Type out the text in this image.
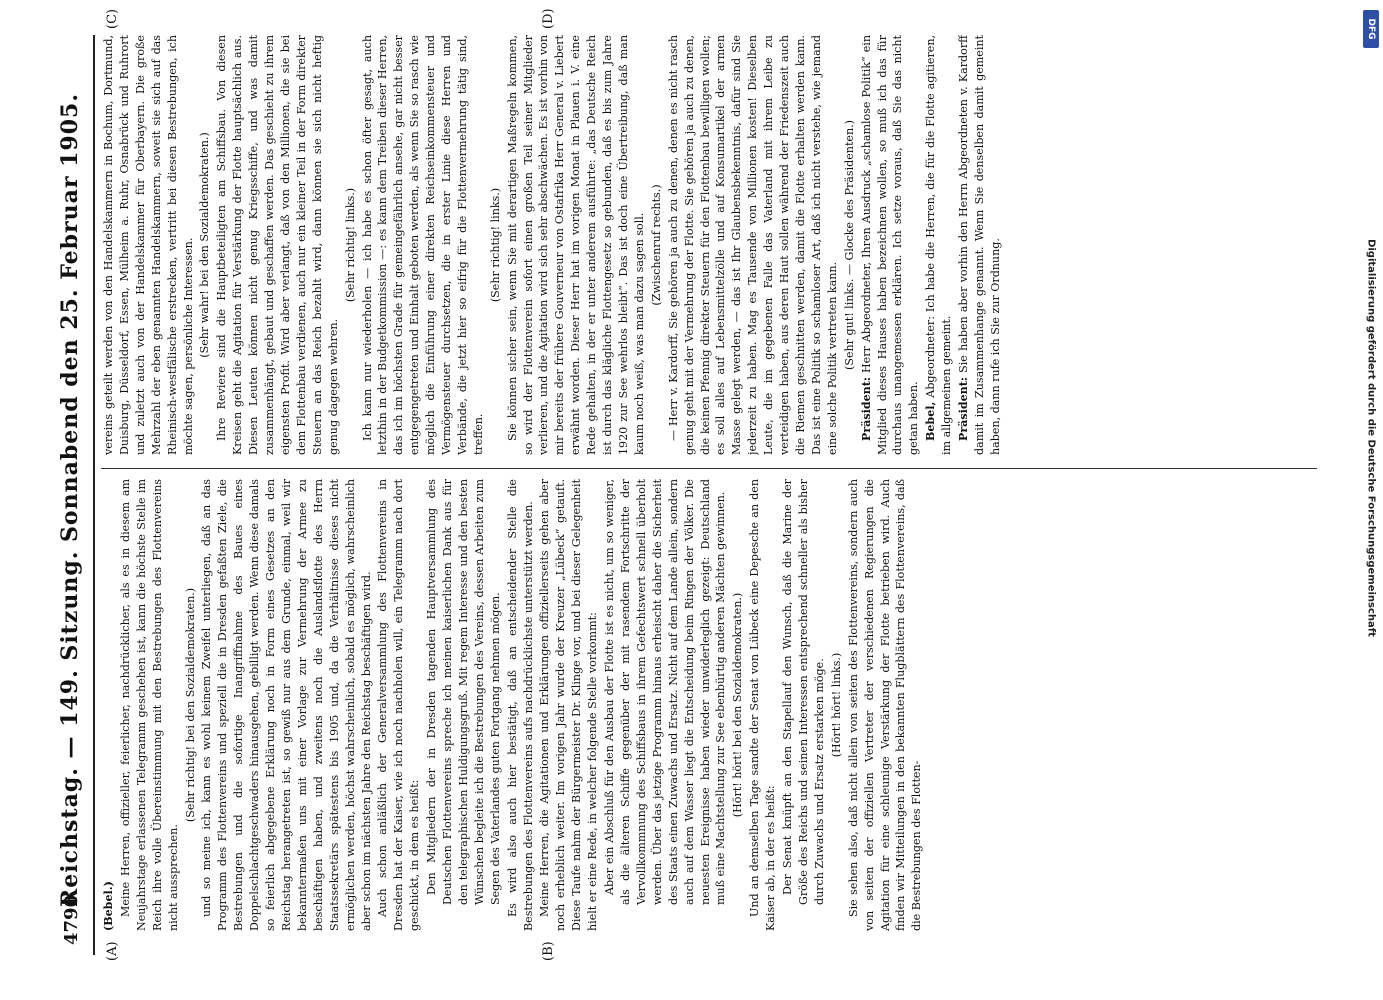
4790
Reichstag. — 149. Sitzung. Sonnabend den 25. Februar 1905.
(A)	(B)
(C)	(D)

(Bebel.) Meine Herren, offizieller, feierlicher, nachdrücklicher, als es in diesem am Neujahrstage erlassenen Telegramm geschehen ist, kann die höchste Stelle im Reich ihre volle Übereinstimmung mit den Bestrebungen des Flottenvereins nicht aussprechen.

(Sehr richtig! bei den Sozialdemokraten.) und so meine ich, kann es wohl keinem Zweifel unterliegen, daß an das Programm des Flottenvereins und speziell die in Dresden gefaßten Ziele, die Bestrebungen und die sofortige Inangriffnahme des Baues eines Doppelschlachtgeschwaders hinausgehen, gebilligt werden. Wenn diese damals so feierlich abgegebene Erklärung noch in Form eines Gesetzes an den Reichstag herangetreten ist, so gewiß nur aus dem Grunde, einmal, weil wir bekanntermaßen uns mit einer Vorlage zur Vermehrung der Armee zu beschäftigen haben, und zweitens noch die Auslandsflotte des Herrn Staatssekretärs spätestens bis 1905 und, da die Verhältnisse dieses nicht ermöglichen werden, höchst wahrscheinlich, sobald es möglich, wahrscheinlich aber schon im nächsten Jahre den Reichstag beschäftigen wird. Auch schon anläßlich der Generalversammlung des Flottenvereins in Dresden hat der Kaiser, wie ich noch nachholen will, ein Telegramm nach dort geschickt, in dem es heißt: Den Mitgliedern der in Dresden tagenden Hauptversammlung des Deutschen Flottenvereins spreche ich meinen kaiserlichen Dank aus für den telegraphischen Huldigungsgruß. Mit regem Interesse und den besten Wünschen begleite ich die Bestrebungen des Vereins, dessen Arbeiten zum Segen des Vaterlandes guten Fortgang nehmen mögen. Es wird also auch hier bestätigt, daß an entscheidender Stelle die Bestrebungen des Flottenvereins aufs nachdrücklichste unterstützt werden. Meine Herren, die Agitationen und Erklärungen offiziellerseits gehen aber noch erheblich weiter. Im vorigen Jahr wurde der Kreuzer „Lübeck“ getauft. Diese Taufe nahm der Bürgermeister Dr. Klinge vor, und bei dieser Gelegenheit hielt er eine Rede, in welcher folgende Stelle vorkommt: Aber ein Abschluß für den Ausbau der Flotte ist es nicht, um so weniger, als die älteren Schiffe gegenüber der mit rasendem Fortschritte der Vervollkommnung des Schiffsbaus in ihrem Gefechtswert schnell überholt werden. Über das jetzige Programm hinaus erheischt daher die Sicherheit des Staats einen Zuwachs und Ersatz. Nicht auf dem Lande allein, sondern auch auf dem Wasser liegt die Entscheidung beim Ringen der Völker. Die neuesten Ereignisse haben wieder unwiderleglich gezeigt: Deutschland muß eine Machtstellung zur See ebenbürtig anderen Mächten gewinnen. (Hört! hört! bei den Sozialdemokraten.) Und an demselben Tage sandte der Senat von Lübeck eine Depesche an den Kaiser ab, in der es heißt: Der Senat knüpft an den Stapellauf den Wunsch, daß die Marine der Größe des Reichs und seinen Interessen entsprechend schneller als bisher durch Zuwachs und Ersatz erstarken möge. (Hört! hört! links.) Sie sehen also, daß nicht allein von seiten des Flottenvereins, sondern auch von seiten der offiziellen Vertreter der verschiedenen Regierungen die Agitation für eine schleunige Verstärkung der Flotte betrieben wird. Auch finden wir Mitteilungen in den bekannten Flugblättern des Flottenvereins, daß die Bestrebungen des Flotten-

vereins geteilt werden von den Handelskammern in Bochum, Dortmund, Duisburg, Düsseldorf, Essen, Mülheim a. Ruhr, Osnabrück und Ruhrort und zuletzt auch von der Handelskammer für Oberbayern. Die große Mehrzahl der eben genannten Handelskammern, soweit sie sich auf das Rheinisch-westfälische erstrecken, vertritt bei diesen Bestrebungen, ich möchte sagen, persönliche Interessen. (Sehr wahr! bei den Sozialdemokraten.) Ihre Reviere sind die Hauptbeteiligten am Schiffsbau. Von diesen Kreisen geht die Agitation für Verstärkung der Flotte hauptsächlich aus. Diesen Leuten können nicht genug Kriegsschiffe, und was damit zusammenhängt, gebaut und geschaffen werden. Das geschieht zu ihrem eigensten Profit. Wird aber verlangt, daß von den Millionen, die sie bei dem Flottenbau verdienen, auch nur ein kleiner Teil in der Form direkter Steuern an das Reich bezahlt wird, dann können sie sich nicht heftig genug dagegen wehren.

(Sehr richtig! links.) Ich kann nur wiederholen — ich habe es schon öfter gesagt, auch letzthin in der Budgetkommission —: es kann dem Treiben dieser Herren, das ich im höchsten Grade für gemeingefährlich ansehe, gar nicht besser entgegengetreten und Einhalt geboten werden, als wenn Sie so rasch wie möglich die Einführung einer direkten Reichseinkommensteuer und Vermögensteuer durchsetzen, die in erster Linie diese Herren und Verbände, die jetzt hier so eifrig für die Flottenvermehrung tätig sind, treffen.

(Sehr richtig! links.) Sie können sicher sein, wenn Sie mit derartigen Maßregeln kommen, so wird der Flottenverein sofort einen großen Teil seiner Mitglieder verlieren, und die Agitation wird sich sehr abschwächen. Es ist vorhin von mir bereits der frühere Gouverneur von Ostafrika Herr General v. Liebert erwähnt worden. Dieser Herr hat im vorigen Monat in Plauen i. V. eine Rede gehalten, in der er unter anderem ausführte: „das Deutsche Reich ist durch das klägliche Flottengesetz so gebunden, daß es bis zum Jahre 1920 zur See wehrlos bleibt“. Das ist doch eine Übertreibung, daß man kaum noch weiß, was man dazu sagen soll. (Zwischenruf rechts.) — Herr v. Kardorff, Sie gehören ja auch zu denen, denen es nicht rasch genug geht mit der Vermehrung der Flotte. Sie gehören ja auch zu denen, die keinen Pfennig direkter Steuern für den Flottenbau bewilligen wollen; es soll alles auf Lebensmittelzölle und auf Konsumartikel der armen Masse gelegt werden, — das ist Ihr Glaubensbekenntnis, dafür sind Sie jederzeit zu haben. Mag es Tausende von Millionen kosten! Dieselben Leute, die im gegebenen Falle das Vaterland mit ihrem Leibe zu verteidigen haben, aus deren Haut sollen während der Friedenszeit auch die Riemen geschnitten werden, damit die Flotte erhalten werden kann. Das ist eine Politik so schamloser Art, daß ich nicht verstehe, wie jemand eine solche Politik vertreten kann. (Sehr gut! links. — Glocke des Präsidenten.)

Präsident: Herr Abgeordneter, Ihren Ausdruck „schamlose Politik“ ein Mitglied dieses Hauses haben bezeichnen wollen, so muß ich das für durchaus unangemessen erklären. Ich setze voraus, daß Sie das nicht getan haben. Bebel, Abgeordneter: Ich habe die Herren, die für die Flotte agitieren, im allgemeinen gemeint. Präsident: Sie haben aber vorhin den Herrn Abgeordneten v. Kardorff damit im Zusammenhange genannt. Wenn Sie denselben damit gemeint haben, dann rufe ich Sie zur Ordnung.

DFG
Digitalisierung gefördert durch die Deutsche Forschungsgemeinschaft
